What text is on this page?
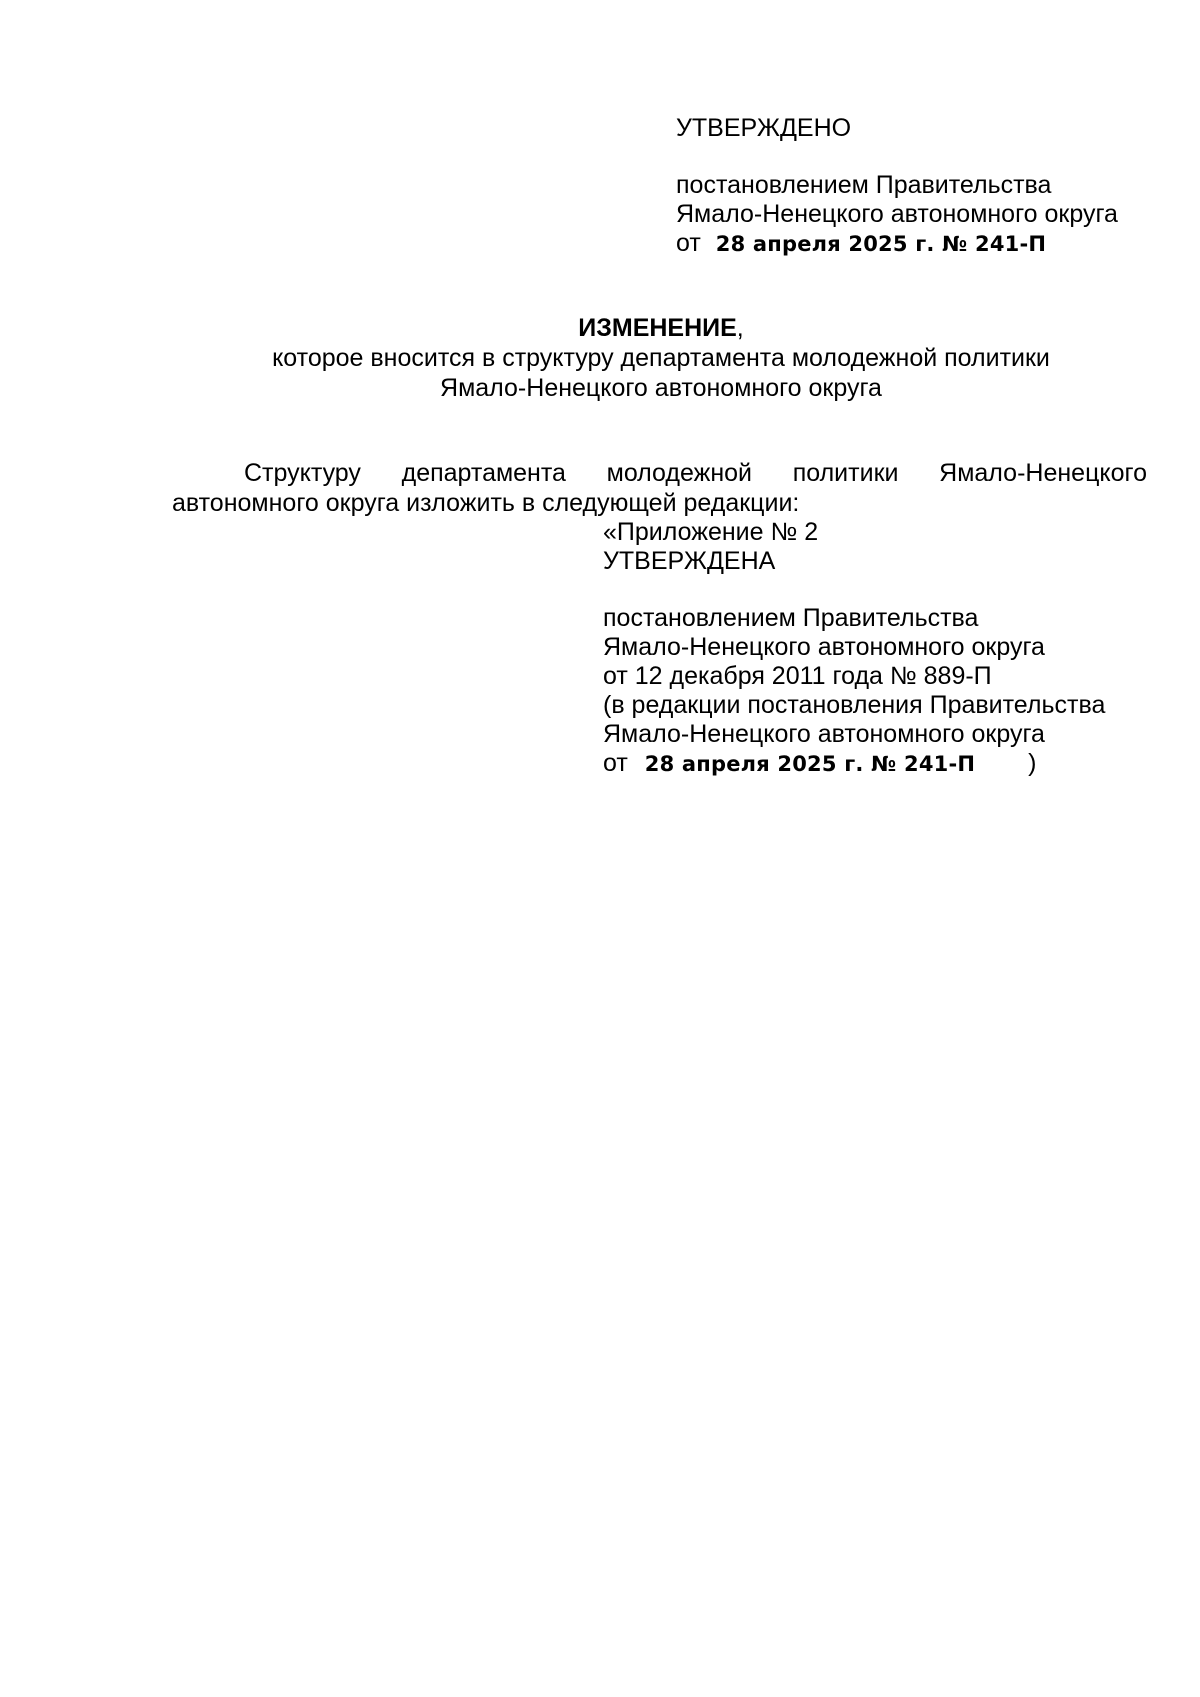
УТВЕРЖДЕНО
постановлением Правительства
Ямало-Ненецкого автономного округа
от 28 апреля 2025 г. № 241-П
ИЗМЕНЕНИЕ,
которое вносится в структуру департамента молодежной политики
Ямало-Ненецкого автономного округа
Структуру департамента молодежной политики Ямало-Ненецкого
автономного округа изложить в следующей редакции:
«Приложение № 2
УТВЕРЖДЕНА
постановлением Правительства
Ямало-Ненецкого автономного округа
от 12 декабря 2011 года № 889-П
(в редакции постановления Правительства
Ямало-Ненецкого автономного округа
от 28 апреля 2025 г. № 241-П )
